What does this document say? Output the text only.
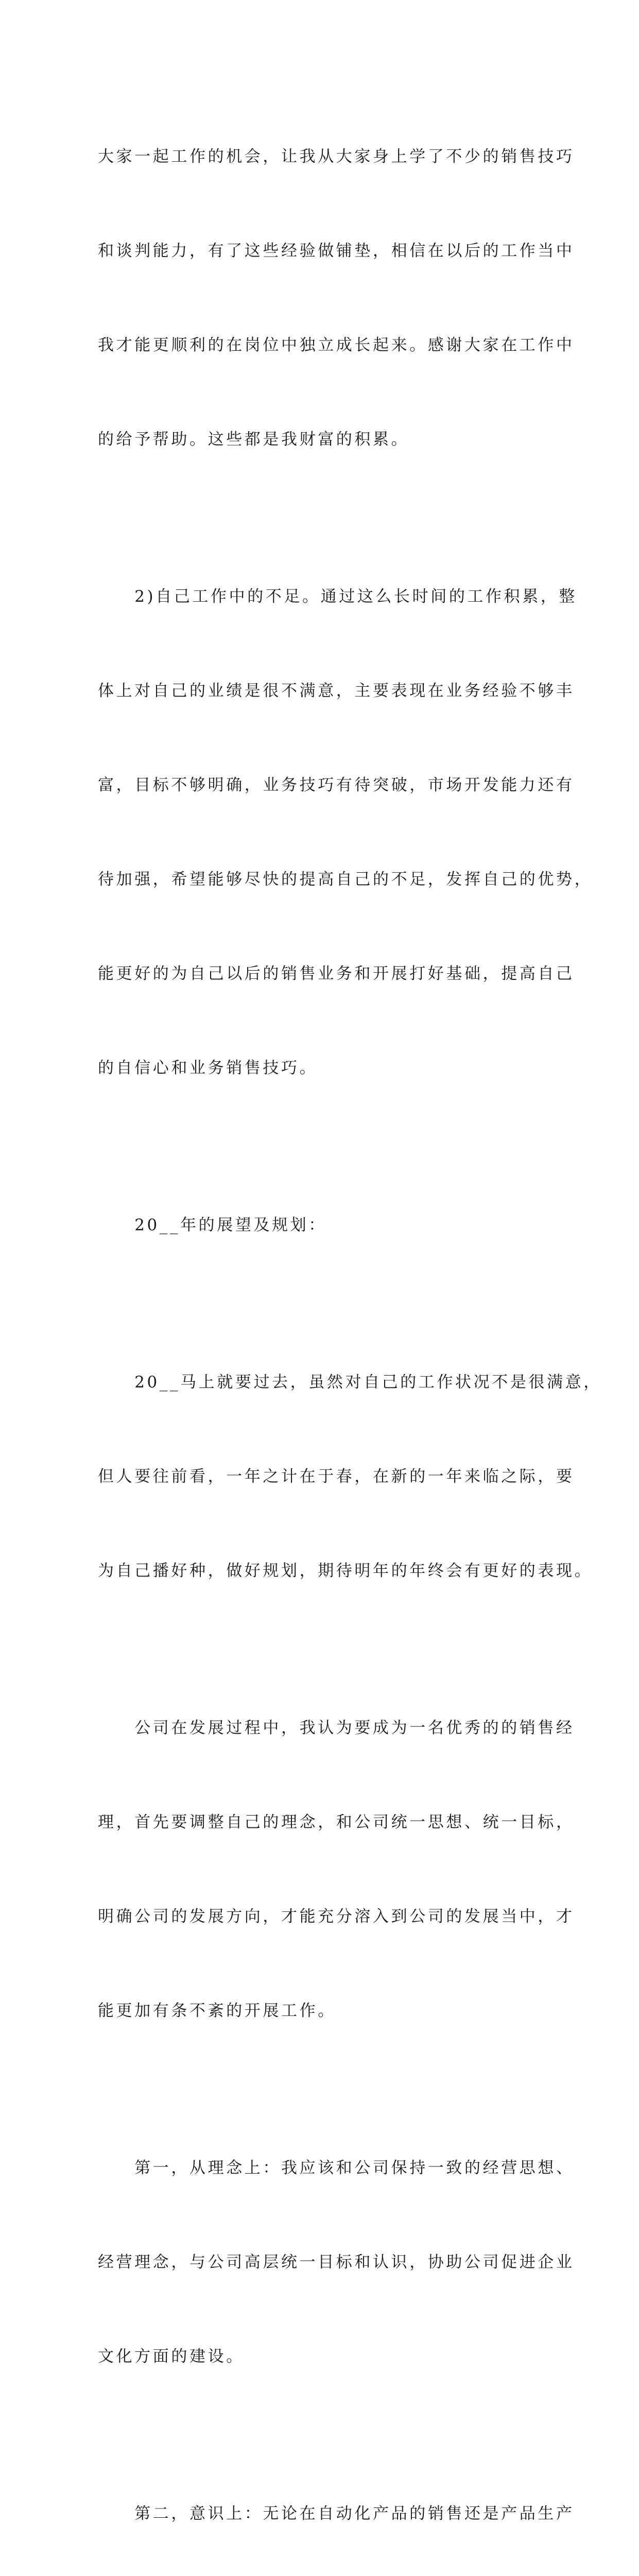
大家一起工作的机会，让我从大家身上学了不少的销售技巧

和谈判能力，有了这些经验做铺垫，相信在以后的工作当中

我才能更顺利的在岗位中独立成长起来。感谢大家在工作中

的给予帮助。这些都是我财富的积累。

　　2)自己工作中的不足。通过这么长时间的工作积累，整

体上对自己的业绩是很不满意，主要表现在业务经验不够丰

富，目标不够明确，业务技巧有待突破，市场开发能力还有

待加强，希望能够尽快的提高自己的不足，发挥自己的优势，

能更好的为自己以后的销售业务和开展打好基础，提高自己

的自信心和业务销售技巧。

　　20__年的展望及规划：

　　20__马上就要过去，虽然对自己的工作状况不是很满意，

但人要往前看，一年之计在于春，在新的一年来临之际，要

为自己播好种，做好规划，期待明年的年终会有更好的表现。

　　公司在发展过程中，我认为要成为一名优秀的的销售经

理，首先要调整自己的理念，和公司统一思想、统一目标，

明确公司的发展方向，才能充分溶入到公司的发展当中，才

能更加有条不紊的开展工作。

　　第一，从理念上：我应该和公司保持一致的经营思想、

经营理念，与公司高层统一目标和认识，协助公司促进企业

文化方面的建设。

　　第二，意识上：无论在自动化产品的销售还是产品生产
